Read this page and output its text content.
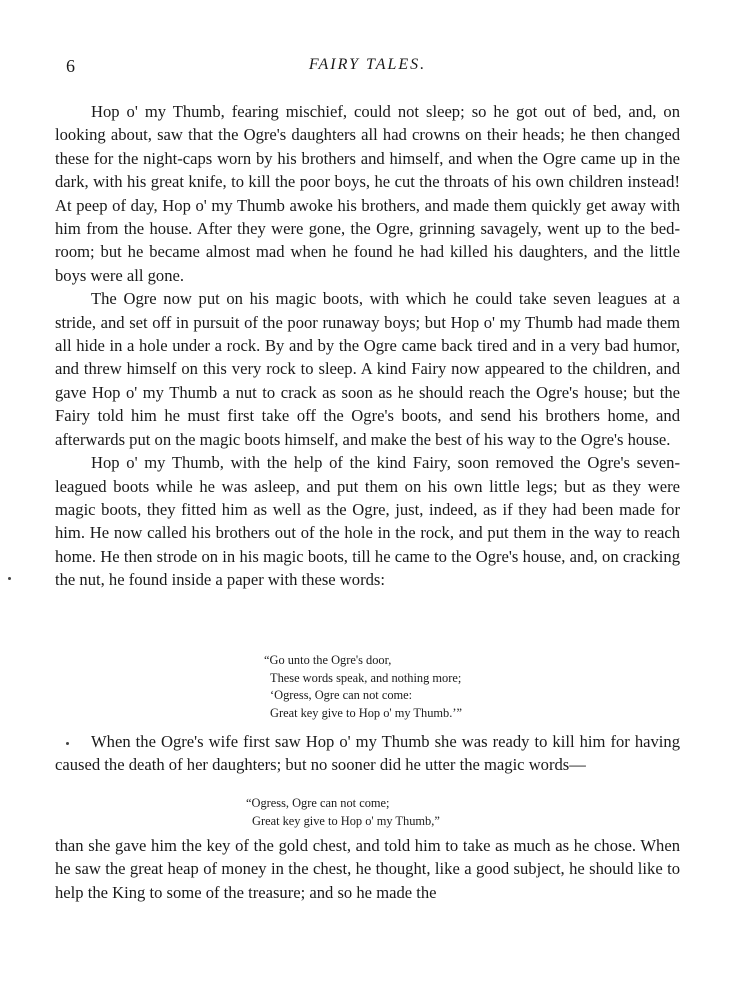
6	FAIRY TALES.

Hop o' my Thumb, fearing mischief, could not sleep; so he got out of bed, and, on looking about, saw that the Ogre's daughters all had crowns on their heads; he then changed these for the night-caps worn by his brothers and himself, and when the Ogre came up in the dark, with his great knife, to kill the poor boys, he cut the throats of his own children instead! At peep of day, Hop o' my Thumb awoke his brothers, and made them quickly get away with him from the house. After they were gone, the Ogre, grinning savagely, went up to the bed-room; but he became almost mad when he found he had killed his daughters, and the little boys were all gone.

The Ogre now put on his magic boots, with which he could take seven leagues at a stride, and set off in pursuit of the poor runaway boys; but Hop o' my Thumb had made them all hide in a hole under a rock. By and by the Ogre came back tired and in a very bad humor, and threw himself on this very rock to sleep. A kind Fairy now appeared to the children, and gave Hop o' my Thumb a nut to crack as soon as he should reach the Ogre's house; but the Fairy told him he must first take off the Ogre's boots, and send his brothers home, and afterwards put on the magic boots himself, and make the best of his way to the Ogre's house.

Hop o' my Thumb, with the help of the kind Fairy, soon removed the Ogre's seven-leagued boots while he was asleep, and put them on his own little legs; but as they were magic boots, they fitted him as well as the Ogre, just, indeed, as if they had been made for him. He now called his brothers out of the hole in the rock, and put them in the way to reach home. He then strode on in his magic boots, till he came to the Ogre's house, and, on cracking the nut, he found inside a paper with these words:

“Go unto the Ogre's door,
These words speak, and nothing more;
‘Ogress, Ogre can not come:
Great key give to Hop o' my Thumb.’”

When the Ogre's wife first saw Hop o' my Thumb she was ready to kill him for having caused the death of her daughters; but no sooner did he utter the magic words—

“Ogress, Ogre can not come;
Great key give to Hop o' my Thumb,”

than she gave him the key of the gold chest, and told him to take as much as he chose. When he saw the great heap of money in the chest, he thought, like a good subject, he should like to help the King to some of the treasure; and so he made the
